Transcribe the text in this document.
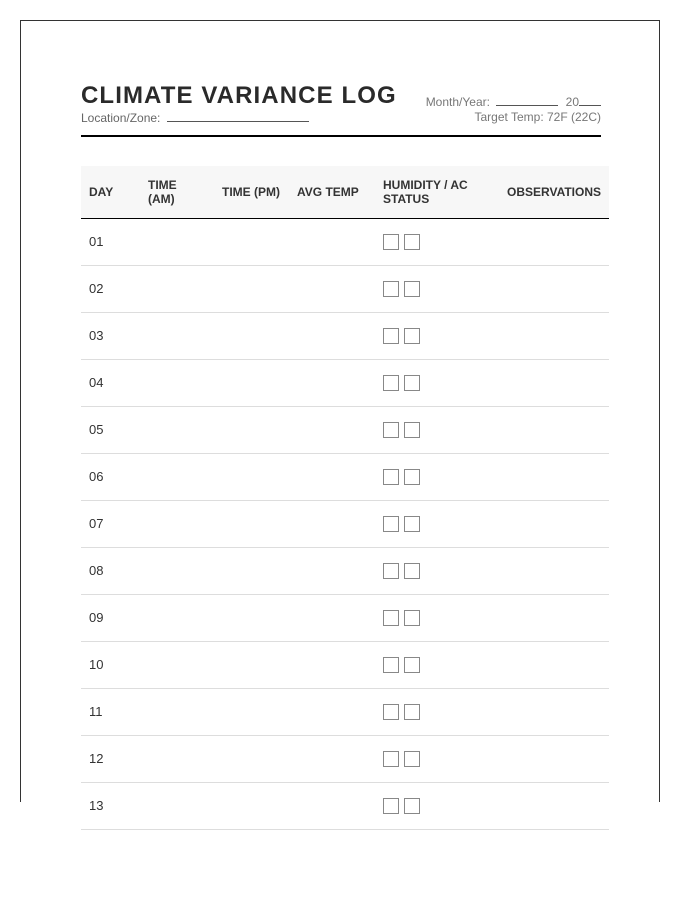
CLIMATE VARIANCE LOG
Location/Zone:
Month/Year:	20
Target Temp: 72F (22C)
DAY	TIME (AM)	TIME (PM)	AVG TEMP	HUMIDITY / AC STATUS	OBSERVATIONS
01					
02					
03					
04					
05					
06					
07					
08					
09					
10					
11					
12					
13					
